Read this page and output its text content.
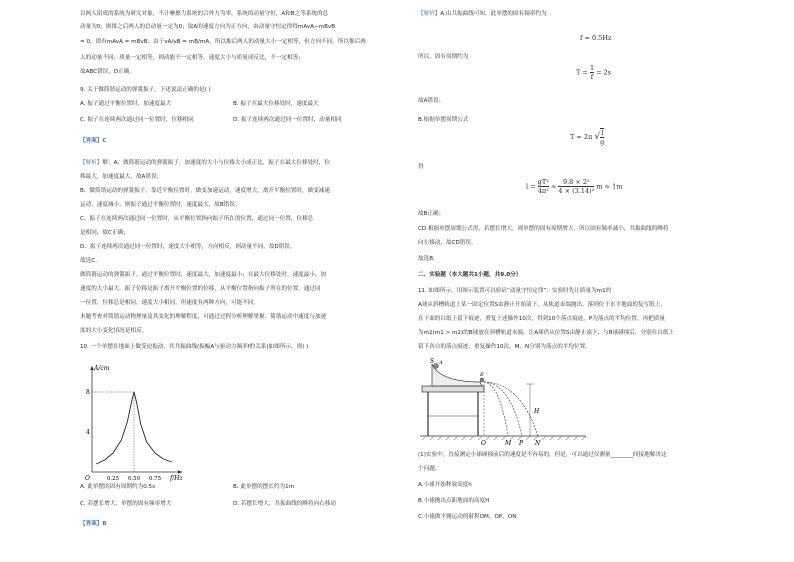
以两人组成的系统为研究对象，不计摩擦力系统的合外力为零，系统的动量守恒，A和B之等系统的总
动量为0，则推之后两人的总动量一定为0；取A的速度方向为正方向，由动量守恒定律得mAvA−mBvB
= 0，即有mAvA = mBvB；由于vA/vB = mB/mA，所以推后两人的动量大小一定相等，但方向不同，所以推后两
人的动量不同；质量一定相等，则动能不一定相等，速度大小与质量成反比，不一定相等；
故ABC错误，D正确。
9. 关于做简谐运动的弹簧振子，下述说法正确的是( )
A. 振子通过平衡位置时，加速度最大	B. 振子在最大位移处时，速度最大
C. 振子在连续两次通过同一位置时，位移相同	D. 振子连续两次通过同一位置时，动量相同
【答案】C
【解析】解：A、做简谐运动的弹簧振子，加速度的大小与位移大小成正比，振子在最大位移处时，位
移最大，加速度最大，故A错误；
B、做简谐运动的弹簧振子，靠近平衡位置时，做变加速运动，速度增大，离开平衡位置时，做变减速
运动，速度减小，则振子通过平衡位置时，速度最大，故B错误；
C、振子在连续两次通过同一位置时，从平衡位置指向振子所在的位置，通过同一位置，位移总
是相同，故C正确；
D、振子连续两次通过同一位置时，速度大小相等，方向相反，则动量不同，故D错误。
故选C。
做简谐运动的弹簧振子，通过平衡位置时，速度最大，加速度最小；在最大位移处时，速度最小，加
速度的大小最大。振子位移是振子离开平衡位置的位移，从平衡位置指向振子所在的位置，通过同
一位置，位移总是相同，速度大小相同，但速度有两种方向，可能不同。
本题考查对简谐运动物理量及其变化的理解程度，可通过过程分析理解掌握。简谐运动中速度与加速
度的大小变化情况是相反。
10. 一个单摆在地面上做受迫振动，其共振曲线(振幅A与驱动力频率f的关系)如图所示，则( )
A/cm
f/Hz
O
4
8
0.25 0.50 0.75
A. 此单摆的固有周期约为0.5s	B. 此单摆的摆长约为1m
C. 若摆长增大，单摆的固有频率增大	D. 若摆长增大，共振曲线的峰将向右移动
【答案】B
【解析】A.由共振曲线可知，此单摆的固有频率约为
f = 0.5Hz
所以，固有周期约为
$T = \frac{1}{f} = 2s$
故A错误；
B.根据单摆周期公式
T = 2π √ $\frac{l}{g}$
得
$l = \frac{\text{gT²}}{\text{4π²}} \approx \frac{\text{9.8 × 2²}}{\text{4 × (3.14)²}}$ m ≈ 1m
故B正确；
CD.根据单摆周期公式得，若摆长增大，则单摆的固有周期增大，所以固有频率减小，共振曲线的峰将
向左移动，故CD错误。
故选B。
二、实验题（本大题共1小题，共9.0分）
11. 如图所示，用图示装置可以验证“动量守恒定律”：实验时先让质量为m1的
A球从斜槽轨道上某一固定位置S由静止开始滚下，从轨道末端抛出，落到位于水平地面的复写纸上，
在下面的白纸上留下痕迹，重复上述操作10次，得到10个落点痕迹，P为落点的平均位置。再把质量
为m2(m1 > m2)的B球放在斜槽轨道末端，让A球仍从位置S由静止滚下，与B球碰撞后，分别在白纸上
留下各自的落点痕迹，重复操作10次，M、N分别为落点的平均位置。
S A
B
H
O	M P N
(1)实验中，直接测定小球碰撞前后的速度是不容易的，但是，可以通过仅测量________间接地解决这
个问题。
A.小球开始释放高度h
B.小球抛出点距地面的高度H
C.小球做平抛运动的射程OM、OP、ON
